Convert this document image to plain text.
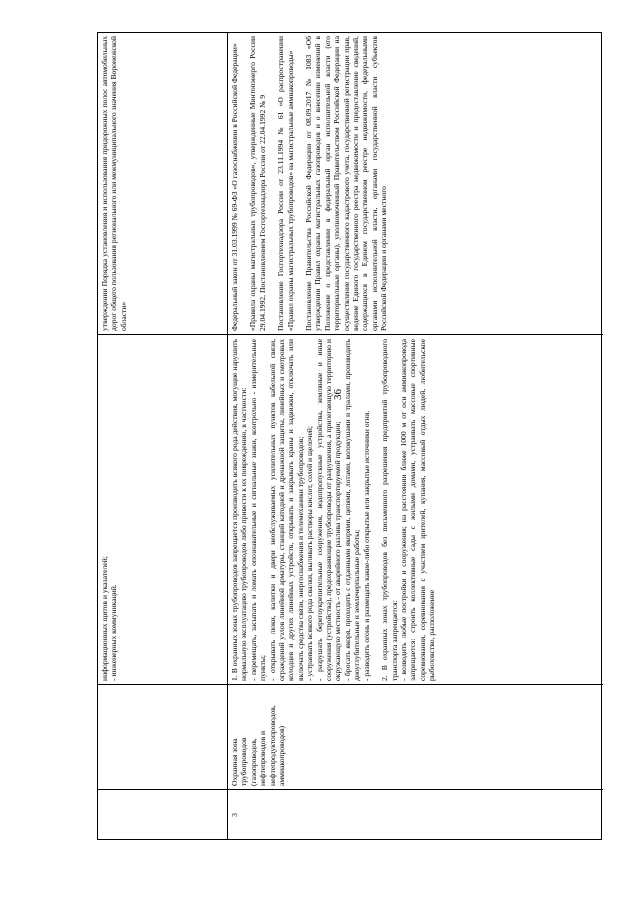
36

информационных щитов и указателей; - инженерных коммуникаций.

утверждении Порядка установления и использования придорожных полос автомобильных дорог общего пользования регионального или межмуниципального значения Воронежской области»

3
Охранная зона трубопроводов (газопроводов, нефтепроводов и нефтепродуктопроводов, аммиакопроводов)

1. В охранных зонах трубопроводов запрещается производить всякого рода действия, могущие нарушить нормальную эксплуатацию трубопроводов либо привести к их повреждению, в частности: - перемещать, засыпать и ломать опознавательные и сигнальные знаки, контрольно - измерительные пункты; - открывать люки, калитки и двери необслуживаемых усилительных пунктов кабельной связи, ограждений узлов линейной арматуры, станций катодной и дренажной защиты, линейных и смотровых колодцев и других линейных устройств, открывать и закрывать краны и задвижки, отключать или включать средства связи, энергоснабжения и телемеханики трубопроводов; - устраивать всякого рода свалки, выливать растворы кислот, солей и щелочей; - разрушать берегоукрепительные сооружения, водопропускные устройства, земляные и иные сооружения (устройства), предохраняющие трубопроводы от разрушения, а прилегающую территорию и окружающую местность - от аварийного разлива транспортируемой продукции; - бросать якоря, проходить с отданными якорями, цепями, лотами, волокушами и тралами, производить дноуглубительные и землечерпальные работы; - разводить огонь и размещать какие-либо открытые или закрытые источники огня. 2. В охранных зонах трубопроводов без письменного разрешения предприятий трубопроводного транспорта запрещается: - возводить любые постройки и сооружения; на расстоянии ближе 1000 м от оси аммиакопровода запрещается: строить коллективные сады с жилыми домами, устраивать массовые спортивные соревнования, соревнования с участием зрителей, купания, массовый отдых людей, любительское рыболовство, расположение

Федеральный закон от 31.03.1999 № 69-ФЗ «О газоснабжении в Российской Федерации» «Правила охраны магистральных трубопроводов», утвержденные Минтопэнерго России 29.04.1992, Постановлением Госгортехнадзора России от 22.04.1992 № 9 Постановление Госгортехнадзора России от 23.11.1994 № 61 «О распространении «Правил охраны магистральных трубопроводов» на магистральные аммиакопроводы» Постановление Правительства Российской Федерации от 08.09.2017 № 1083 «Об утверждении Правил охраны магистральных газопроводов и о внесении изменений в Положение о представлении в федеральный орган исполнительной власти (его территориальные органы), уполномоченный Правительством Российской Федерации на осуществление государственного кадастрового учета, государственной регистрации прав, ведение Единого государственного реестра недвижимости и предоставление сведений, содержащихся в Едином государственном реестре недвижимости, федеральными органами исполнительной власти, органами государственной власти субъектов Российской Федерации и органами местного
